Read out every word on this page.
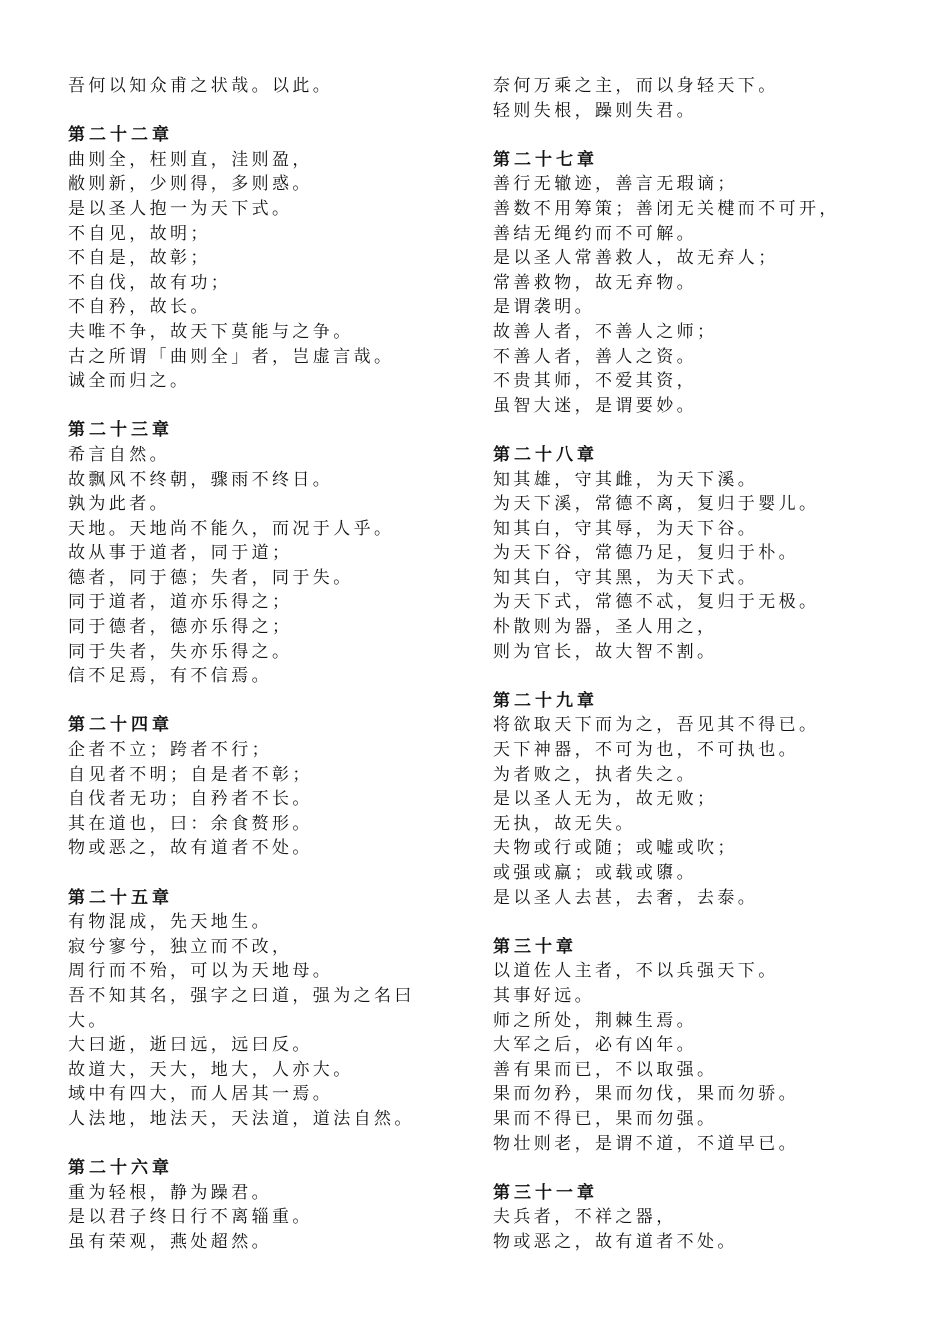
吾何以知众甫之状哉。以此。
第二十二章
曲则全，枉则直，洼则盈，
敝则新，少则得，多则惑。
是以圣人抱一为天下式。
不自见，故明；
不自是，故彰；
不自伐，故有功；
不自矜，故长。
夫唯不争，故天下莫能与之争。
古之所谓「曲则全」者，岂虚言哉。
诚全而归之。
第二十三章
希言自然。
故飘风不终朝，骤雨不终日。
孰为此者。
天地。天地尚不能久，而况于人乎。
故从事于道者，同于道；
德者，同于德；失者，同于失。
同于道者，道亦乐得之；
同于德者，德亦乐得之；
同于失者，失亦乐得之。
信不足焉，有不信焉。
第二十四章
企者不立；跨者不行；
自见者不明；自是者不彰；
自伐者无功；自矜者不长。
其在道也，曰：余食赘形。
物或恶之，故有道者不处。
第二十五章
有物混成，先天地生。
寂兮寥兮，独立而不改，
周行而不殆，可以为天地母。
吾不知其名，强字之曰道，强为之名曰
大。
大曰逝，逝曰远，远曰反。
故道大，天大，地大，人亦大。
域中有四大，而人居其一焉。
人法地，地法天，天法道，道法自然。
第二十六章
重为轻根，静为躁君。
是以君子终日行不离辎重。
虽有荣观，燕处超然。
奈何万乘之主，而以身轻天下。
轻则失根，躁则失君。
第二十七章
善行无辙迹，善言无瑕谪；
善数不用筹策；善闭无关楗而不可开，
善结无绳约而不可解。
是以圣人常善救人，故无弃人；
常善救物，故无弃物。
是谓袭明。
故善人者，不善人之师；
不善人者，善人之资。
不贵其师，不爱其资，
虽智大迷，是谓要妙。
第二十八章
知其雄，守其雌，为天下溪。
为天下溪，常德不离，复归于婴儿。
知其白，守其辱，为天下谷。
为天下谷，常德乃足，复归于朴。
知其白，守其黑，为天下式。
为天下式，常德不忒，复归于无极。
朴散则为器，圣人用之，
则为官长，故大智不割。
第二十九章
将欲取天下而为之，吾见其不得已。
天下神器，不可为也，不可执也。
为者败之，执者失之。
是以圣人无为，故无败；
无执，故无失。
夫物或行或随；或嘘或吹；
或强或羸；或载或隳。
是以圣人去甚，去奢，去泰。
第三十章
以道佐人主者，不以兵强天下。
其事好远。
师之所处，荆棘生焉。
大军之后，必有凶年。
善有果而已，不以取强。
果而勿矜，果而勿伐，果而勿骄。
果而不得已，果而勿强。
物壮则老，是谓不道，不道早已。
第三十一章
夫兵者，不祥之器，
物或恶之，故有道者不处。
